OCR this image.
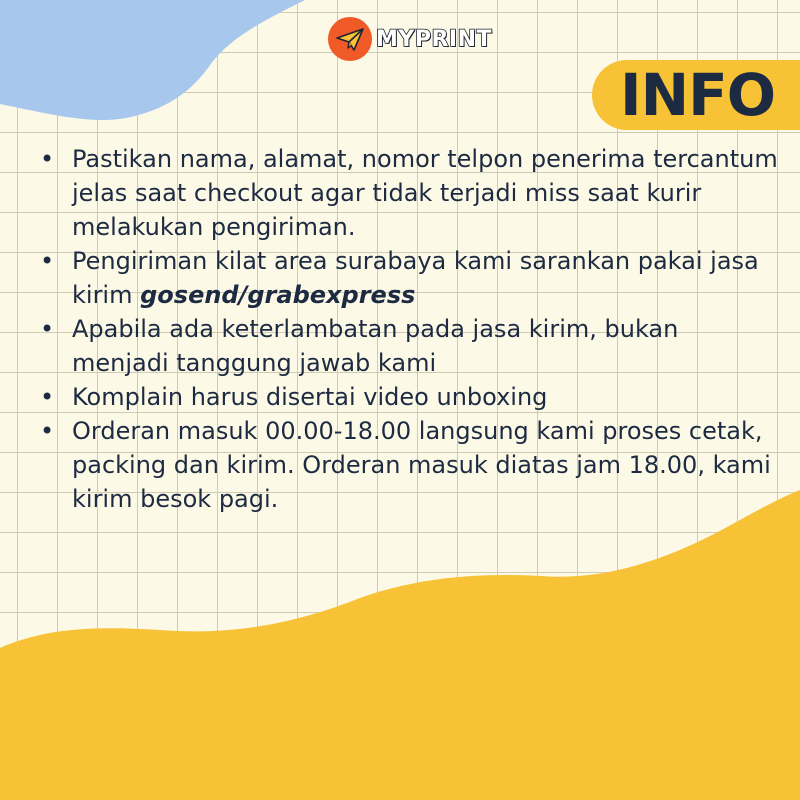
MYPRINT
INFO
• Pastikan nama, alamat, nomor telpon penerima tercantum jelas saat checkout agar tidak terjadi miss saat kurir melakukan pengiriman.
• Pengiriman kilat area surabaya kami sarankan pakai jasa kirim gosend/grabexpress
• Apabila ada keterlambatan pada jasa kirim, bukan menjadi tanggung jawab kami
• Komplain harus disertai video unboxing
• Orderan masuk 00.00-18.00 langsung kami proses cetak, packing dan kirim. Orderan masuk diatas jam 18.00, kami kirim besok pagi.
